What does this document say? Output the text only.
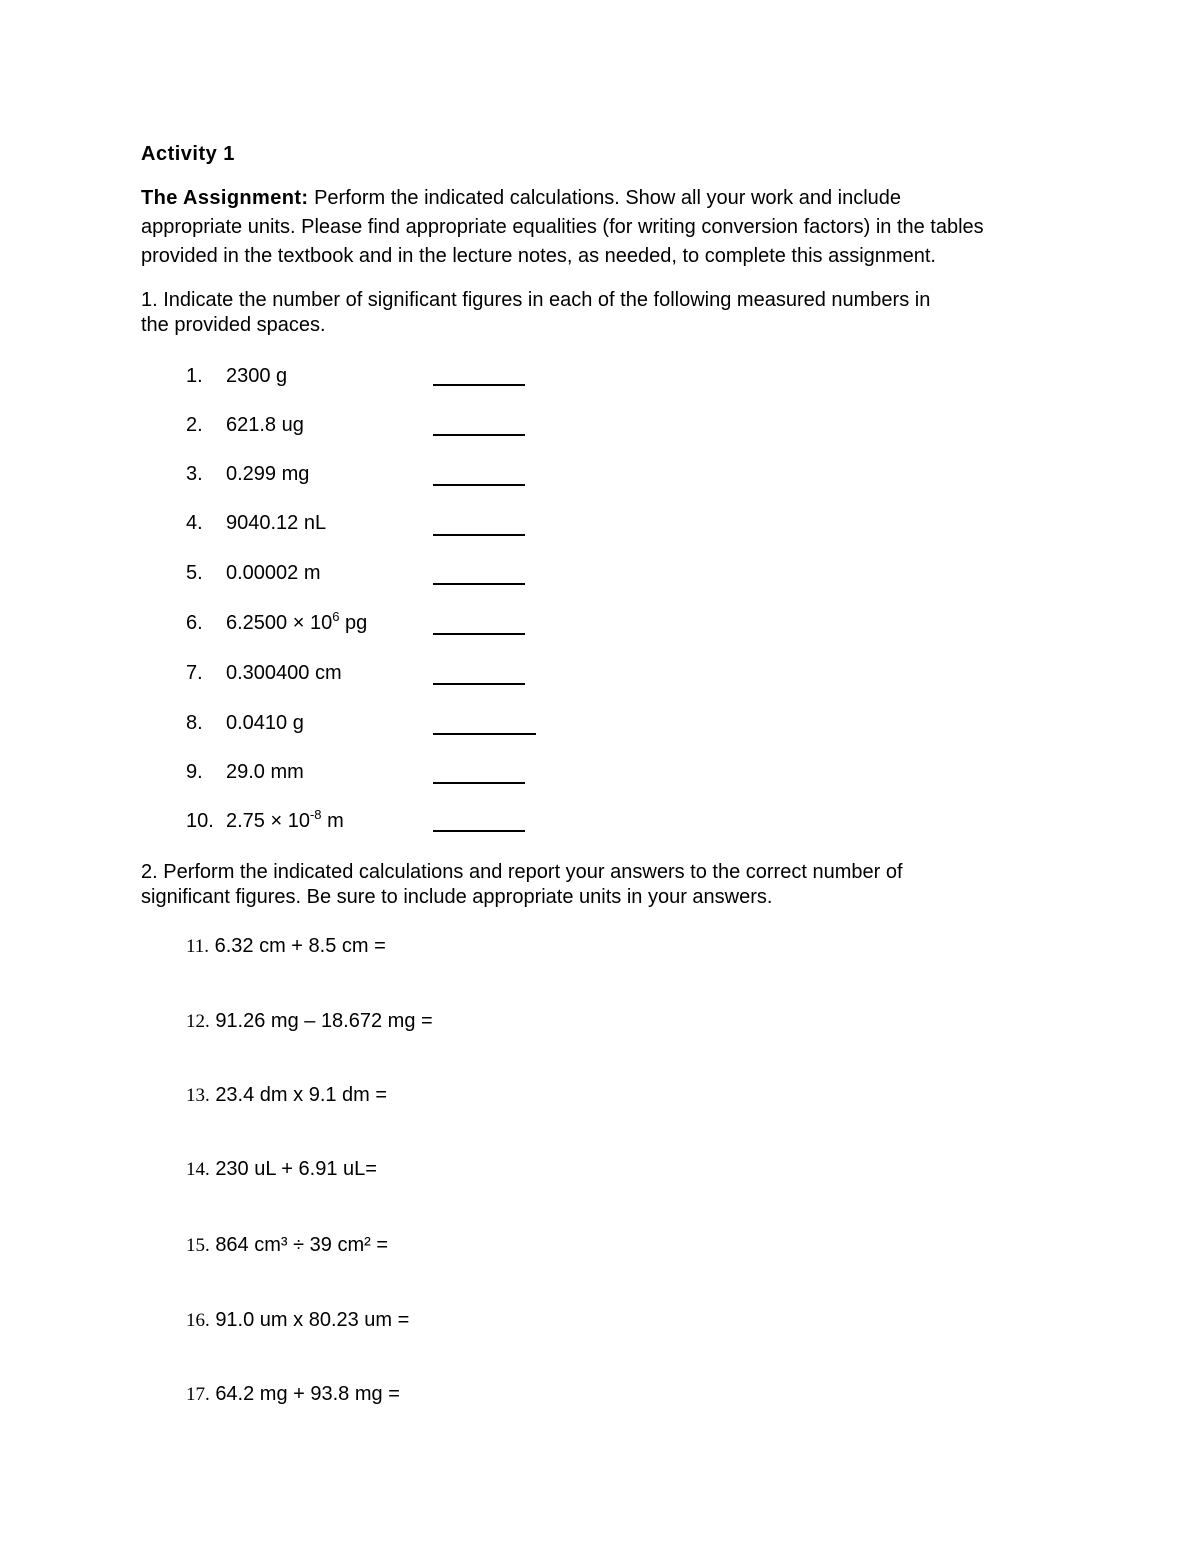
Activity 1
The Assignment: Perform the indicated calculations. Show all your work and include
appropriate units. Please find appropriate equalities (for writing conversion factors) in the tables
provided in the textbook and in the lecture notes, as needed, to complete this assignment.
1. Indicate the number of significant figures in each of the following measured numbers in
the provided spaces.
1. 2300 g
2. 621.8 ug
3. 0.299 mg
4. 9040.12 nL
5. 0.00002 m
6. $6.2500 \times 10^6$ pg
7. 0.300400 cm
8. 0.0410 g
9. 29.0 mm
10. $2.75 \times 10^{-8}$ m
2. Perform the indicated calculations and report your answers to the correct number of
significant figures. Be sure to include appropriate units in your answers.
11. 6.32 cm + 8.5 cm =
12. 91.26 mg – 18.672 mg =
13. 23.4 dm x 9.1 dm =
14. 230 uL + 6.91 uL=
15. 864 cm³ ÷ 39 cm² =
16. 91.0 um x 80.23 um =
17. 64.2 mg + 93.8 mg =
